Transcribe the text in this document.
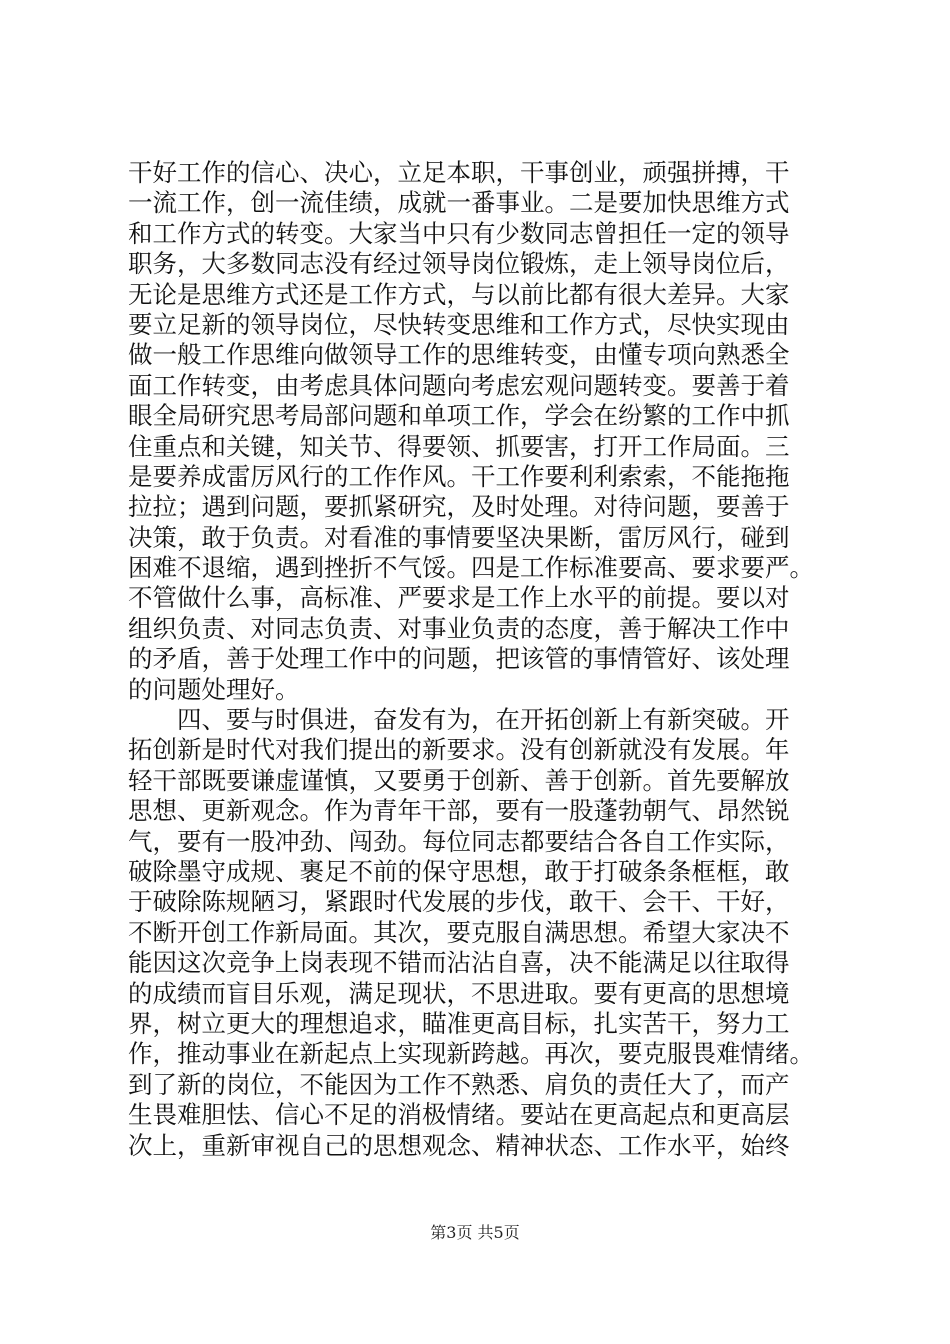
干好工作的信心、决心，立足本职，干事创业，顽强拼搏，干
一流工作，创一流佳绩，成就一番事业。二是要加快思维方式
和工作方式的转变。大家当中只有少数同志曾担任一定的领导
职务，大多数同志没有经过领导岗位锻炼，走上领导岗位后，
无论是思维方式还是工作方式，与以前比都有很大差异。大家
要立足新的领导岗位，尽快转变思维和工作方式，尽快实现由
做一般工作思维向做领导工作的思维转变，由懂专项向熟悉全
面工作转变，由考虑具体问题向考虑宏观问题转变。要善于着
眼全局研究思考局部问题和单项工作，学会在纷繁的工作中抓
住重点和关键，知关节、得要领、抓要害，打开工作局面。三
是要养成雷厉风行的工作作风。干工作要利利索索，不能拖拖
拉拉；遇到问题，要抓紧研究，及时处理。对待问题，要善于
决策，敢于负责。对看准的事情要坚决果断，雷厉风行，碰到
困难不退缩，遇到挫折不气馁。四是工作标准要高、要求要严。
不管做什么事，高标准、严要求是工作上水平的前提。要以对
组织负责、对同志负责、对事业负责的态度，善于解决工作中
的矛盾，善于处理工作中的问题，把该管的事情管好、该处理
的问题处理好。
　　四、要与时俱进，奋发有为，在开拓创新上有新突破。开
拓创新是时代对我们提出的新要求。没有创新就没有发展。年
轻干部既要谦虚谨慎，又要勇于创新、善于创新。首先要解放
思想、更新观念。作为青年干部，要有一股蓬勃朝气、昂然锐
气，要有一股冲劲、闯劲。每位同志都要结合各自工作实际，
破除墨守成规、裹足不前的保守思想，敢于打破条条框框，敢
于破除陈规陋习，紧跟时代发展的步伐，敢干、会干、干好，
不断开创工作新局面。其次，要克服自满思想。希望大家决不
能因这次竞争上岗表现不错而沾沾自喜，决不能满足以往取得
的成绩而盲目乐观，满足现状，不思进取。要有更高的思想境
界，树立更大的理想追求，瞄准更高目标，扎实苦干，努力工
作，推动事业在新起点上实现新跨越。再次，要克服畏难情绪。
到了新的岗位，不能因为工作不熟悉、肩负的责任大了，而产
生畏难胆怯、信心不足的消极情绪。要站在更高起点和更高层
次上，重新审视自己的思想观念、精神状态、工作水平，始终
第3页 共5页
